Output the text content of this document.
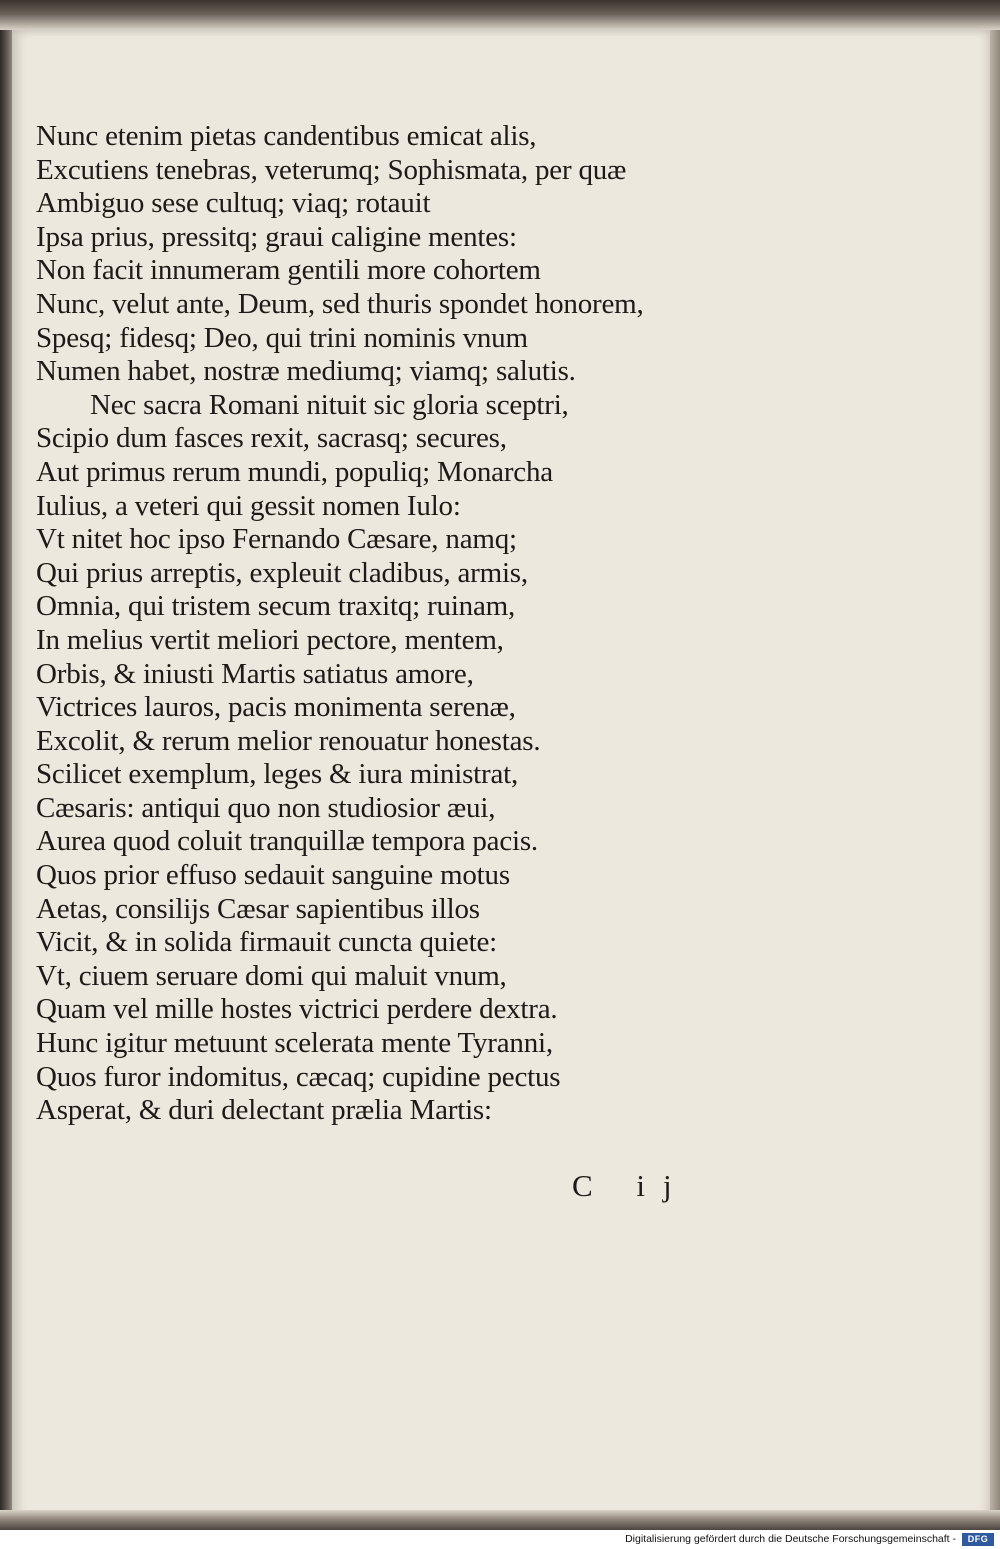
Nunc etenim pietas candentibus emicat alis,
Excutiens tenebras, veterumq; Sophismata, per quæ
Ambiguo sese cultuq; viaq; rotauit
Ipsa prius, pressitq; graui caligine mentes:
Non facit innumeram gentili more cohortem
Nunc, velut ante, Deum, sed thuris spondet honorem,
Spesq; fidesq; Deo, qui trini nominis vnum
Numen habet, nostræ mediumq; viamq; salutis.
Nec sacra Romani nituit sic gloria sceptri,
Scipio dum fasces rexit, sacrasq; secures,
Aut primus rerum mundi, populiq; Monarcha
Iulius, a veteri qui gessit nomen Iulo:
Vt nitet hoc ipso Fernando Cæsare, namq;
Qui prius arreptis, expleuit cladibus, armis,
Omnia, qui tristem secum traxitq; ruinam,
In melius vertit meliori pectore, mentem,
Orbis, & iniusti Martis satiatus amore,
Victrices lauros, pacis monimenta serenæ,
Excolit, & rerum melior renouatur honestas.
Scilicet exemplum, leges & iura ministrat,
Cæsaris: antiqui quo non studiosior æui,
Aurea quod coluit tranquillæ tempora pacis.
Quos prior effuso sedauit sanguine motus
Aetas, consilijs Cæsar sapientibus illos
Vicit, & in solida firmauit cuncta quiete:
Vt, ciuem seruare domi qui maluit vnum,
Quam vel mille hostes victrici perdere dextra.
Hunc igitur metuunt scelerata mente Tyranni,
Quos furor indomitus, cæcaq; cupidine pectus
Asperat, & duri delectant prælia Martis:
C ij
Digitalisierung gefördert durch die Deutsche Forschungsgemeinschaft -	DFG
